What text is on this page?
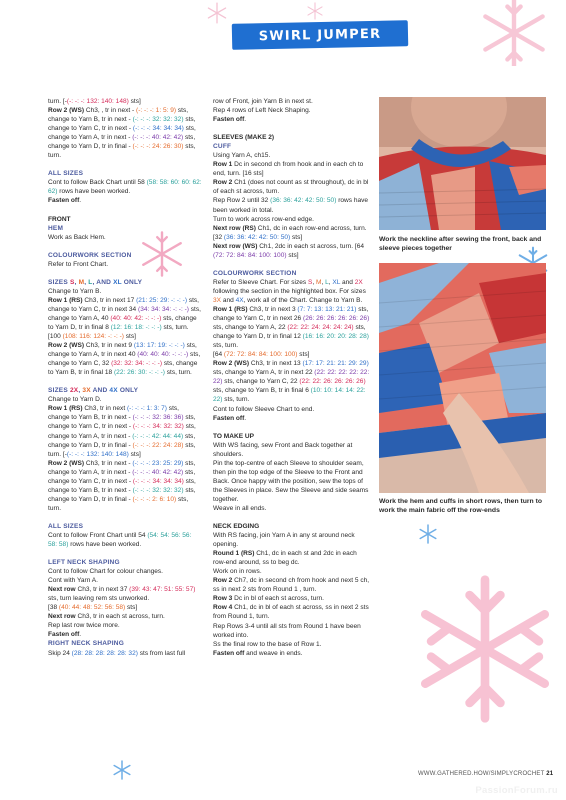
SWIRL JUMPER

turn. [-(-: -: -: 132: 140: 148) sts]

Row 2 (WS) Ch3, , tr in next - (-: -: -: 1: 5: 9) sts, change to Yarn B, tr in next - (-: -: -: 32: 32: 32) sts, change to Yarn C, tr in next - (-: -: -: 34: 34: 34) sts, change to Yarn A, tr in next - (-: -: -: 40: 42: 42) sts, change to Yarn D, tr in final - (-: -: -: 24: 26: 30) sts, turn.

ALL SIZES

Cont to follow Back Chart until 58 (58: 58: 60: 60: 62: 62) rows have been worked.

Fasten off.

FRONT

HEM

Work as Back Hem.

COLOURWORK SECTION

Refer to Front Chart.

SIZES S, M, L, AND XL ONLY

Change to Yarn B.

Row 1 (RS) Ch3, tr in next 17 (21: 25: 29: -: -: -) sts, change to Yarn C, tr in next 34 (34: 34: 34: -: -: -) sts, change to Yarn A, 40 (40: 40: 42: -: -: -) sts, change to Yarn D, tr in final 8 (12: 16: 18: -: -: -) sts, turn. [100 (108: 116: 124: -: -: -) sts]

Row 2 (WS) Ch3, tr in next 9 (13: 17: 19: -: -: -) sts, change to Yarn A, tr in next 40 (40: 40: 40: -: -: -) sts, change to Yarn C, 32 (32: 32: 34: -: -: -) sts, change to Yarn B, tr in final 18 (22: 26: 30: -: -: -) sts, turn.

SIZES 2X, 3X AND 4X ONLY

Change to Yarn D.

Row 1 (RS) Ch3, tr in next (-: -: -: 1: 3: 7) sts, change to Yarn B, tr in next - (-: -: -: 32: 36: 36) sts, change to Yarn C, tr in next - (-: -: -: 34: 32: 32) sts, change to Yarn A, tr in next - (-: -: -: 42: 44: 44) sts, change to Yarn D, tr in final - (-: -: -: 22: 24: 28) sts, turn. [-(-: -: -: 132: 140: 148) sts]

Row 2 (WS) Ch3, tr in next - (-: -: -: 23: 25: 29) sts, change to Yarn A, tr in next - (-: -: -: 40: 42: 42) sts, change to Yarn C, tr in next - (-: -: -: 34: 34: 34) sts, change to Yarn B, tr in next - (-: -: -: 32: 32: 32) sts, change to Yarn D, tr in final - (-: -: -: 2: 6: 10) sts, turn.

ALL SIZES

Cont to follow Front Chart until 54 (54: 54: 56: 56: 58: 58) rows have been worked.

LEFT NECK SHAPING

Cont to follow Chart for colour changes.

Cont with Yarn A.

Next row Ch3, tr in next 37 (39: 43: 47: 51: 55: 57) sts, turn leaving rem sts unworked.

[38 (40: 44: 48: 52: 56: 58) sts]

Next row Ch3, tr in each st across, turn.

Rep last row twice more.

Fasten off.

RIGHT NECK SHAPING

Skip 24 (28: 28: 28: 28: 28: 32) sts from last full

row of Front, join Yarn B in next st.

Rep 4 rows of Left Neck Shaping.

Fasten off.

SLEEVES (MAKE 2)

CUFF

Using Yarn A, ch15.

Row 1 Dc in second ch from hook and in each ch to end, turn. [16 sts]

Row 2 Ch1 (does not count as st throughout), dc in bl of each st across, turn.

Rep Row 2 until 32 (36: 36: 42: 42: 50: 50) rows have been worked in total.

Turn to work across row-end edge.

Next row (RS) Ch1, dc in each row-end across, turn. [32 (36: 36: 42: 42: 50: 50) sts]

Next row (WS) Ch1, 2dc in each st across, turn. [64 (72: 72: 84: 84: 100: 100) sts]

COLOURWORK SECTION

Refer to Sleeve Chart. For sizes S, M, L, XL and 2X following the section in the highlighted box. For sizes 3X and 4X, work all of the Chart. Change to Yarn B.

Row 1 (RS) Ch3, tr in next 3 (7: 7: 13: 13: 21: 21) sts, change to Yarn C, tr in next 26 (26: 26: 26: 26: 26: 26) sts, change to Yarn A, 22 (22: 22: 24: 24: 24: 24) sts, change to Yarn D, tr in final 12 (16: 16: 20: 20: 28: 28) sts, turn.

[64 (72: 72: 84: 84: 100: 100) sts]

Row 2 (WS) Ch3, tr in next 13 (17: 17: 21: 21: 29: 29) sts, change to Yarn A, tr in next 22 (22: 22: 22: 22: 22: 22) sts, change to Yarn C, 22 (22: 22: 26: 26: 26: 26) sts, change to Yarn B, tr in final 6 (10: 10: 14: 14: 22: 22) sts, turn.

Cont to follow Sleeve Chart to end.

Fasten off.

TO MAKE UP

With WS facing, sew Front and Back together at shoulders.

Pin the top-centre of each Sleeve to shoulder seam, then pin the top edge of the Sleeve to the Front and Back. Once happy with the position, sew the tops of the Sleeves in place. Sew the Sleeve and side seams together.

Weave in all ends.

NECK EDGING

With RS facing, join Yarn A in any st around neck opening.

Round 1 (RS) Ch1, dc in each st and 2dc in each row-end around, ss to beg dc.

Work on in rows.

Row 2 Ch7, dc in second ch from hook and next 5 ch, ss in next 2 sts from Round 1 , turn.

Row 3 Dc in bl of each st across, turn.

Row 4 Ch1, dc in bl of each st across, ss in next 2 sts from Round 1, turn.

Rep Rows 3-4 until all sts from Round 1 have been worked into.

Ss the final row to the base of Row 1.

Fasten off and weave in ends.

Work the neckline after sewing the front, back and sleeve pieces together
Work the hem and cuffs in short rows, then turn to work the main fabric off the row-ends
WWW.GATHERED.HOW/SIMPLYCROCHET 21
PassionForum.ru
